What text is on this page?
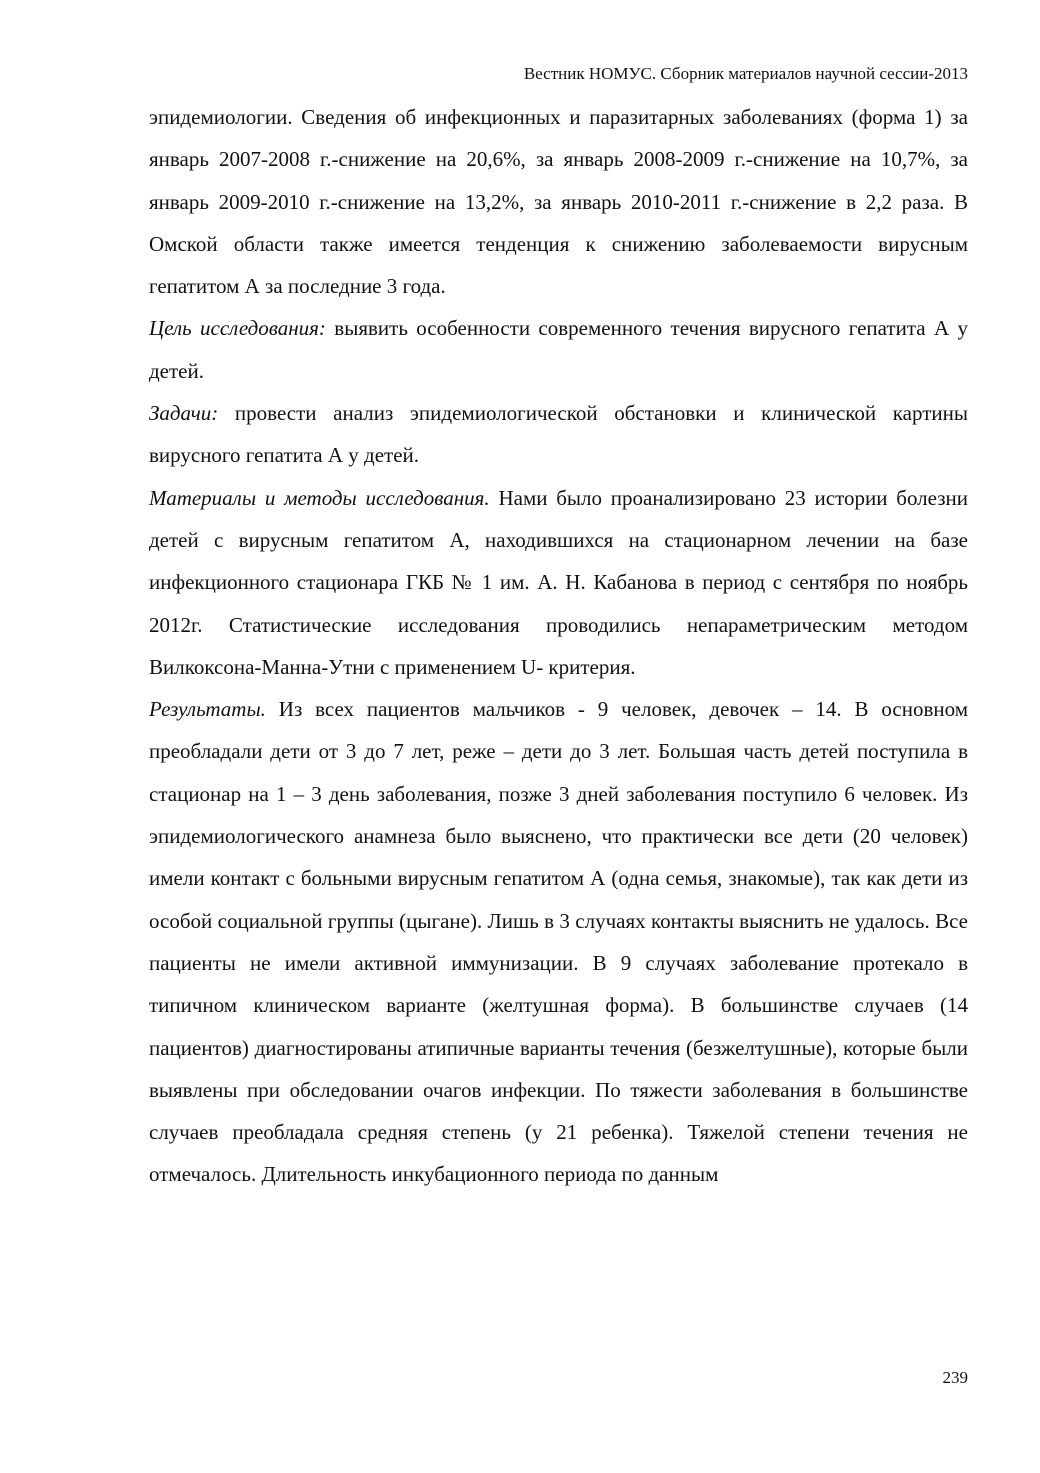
Вестник НОМУС. Сборник материалов научной сессии-2013

эпидемиологии. Сведения об инфекционных и паразитарных заболеваниях (форма 1) за январь 2007-2008 г.-снижение на 20,6%, за январь 2008-2009 г.-снижение на 10,7%, за январь 2009-2010 г.-снижение на 13,2%, за январь 2010-2011 г.-снижение в 2,2 раза. В Омской области также имеется тенденция к снижению заболеваемости вирусным гепатитом А за последние 3 года.

Цель исследования: выявить особенности современного течения вирусного гепатита А у детей.

Задачи: провести анализ эпидемиологической обстановки и клинической картины вирусного гепатита А у детей.

Материалы и методы исследования. Нами было проанализировано 23 истории болезни детей с вирусным гепатитом А, находившихся на стационарном лечении на базе инфекционного стационара ГКБ № 1 им. А. Н. Кабанова в период с сентября по ноябрь 2012г. Статистические исследования проводились непараметрическим методом Вилкоксона-Манна-Утни с применением U- критерия.

Результаты. Из всех пациентов мальчиков - 9 человек, девочек – 14. В основном преобладали дети от 3 до 7 лет, реже – дети до 3 лет. Большая часть детей поступила в стационар на 1 – 3 день заболевания, позже 3 дней заболевания поступило 6 человек. Из эпидемиологического анамнеза было выяснено, что практически все дети (20 человек) имели контакт с больными вирусным гепатитом А (одна семья, знакомые), так как дети из особой социальной группы (цыгане). Лишь в 3 случаях контакты выяснить не удалось. Все пациенты не имели активной иммунизации. В 9 случаях заболевание протекало в типичном клиническом варианте (желтушная форма). В большинстве случаев (14 пациентов) диагностированы атипичные варианты течения (безжелтушные), которые были выявлены при обследовании очагов инфекции. По тяжести заболевания в большинстве случаев преобладала средняя степень (у 21 ребенка). Тяжелой степени течения не отмечалось. Длительность инкубационного периода по данным

239
